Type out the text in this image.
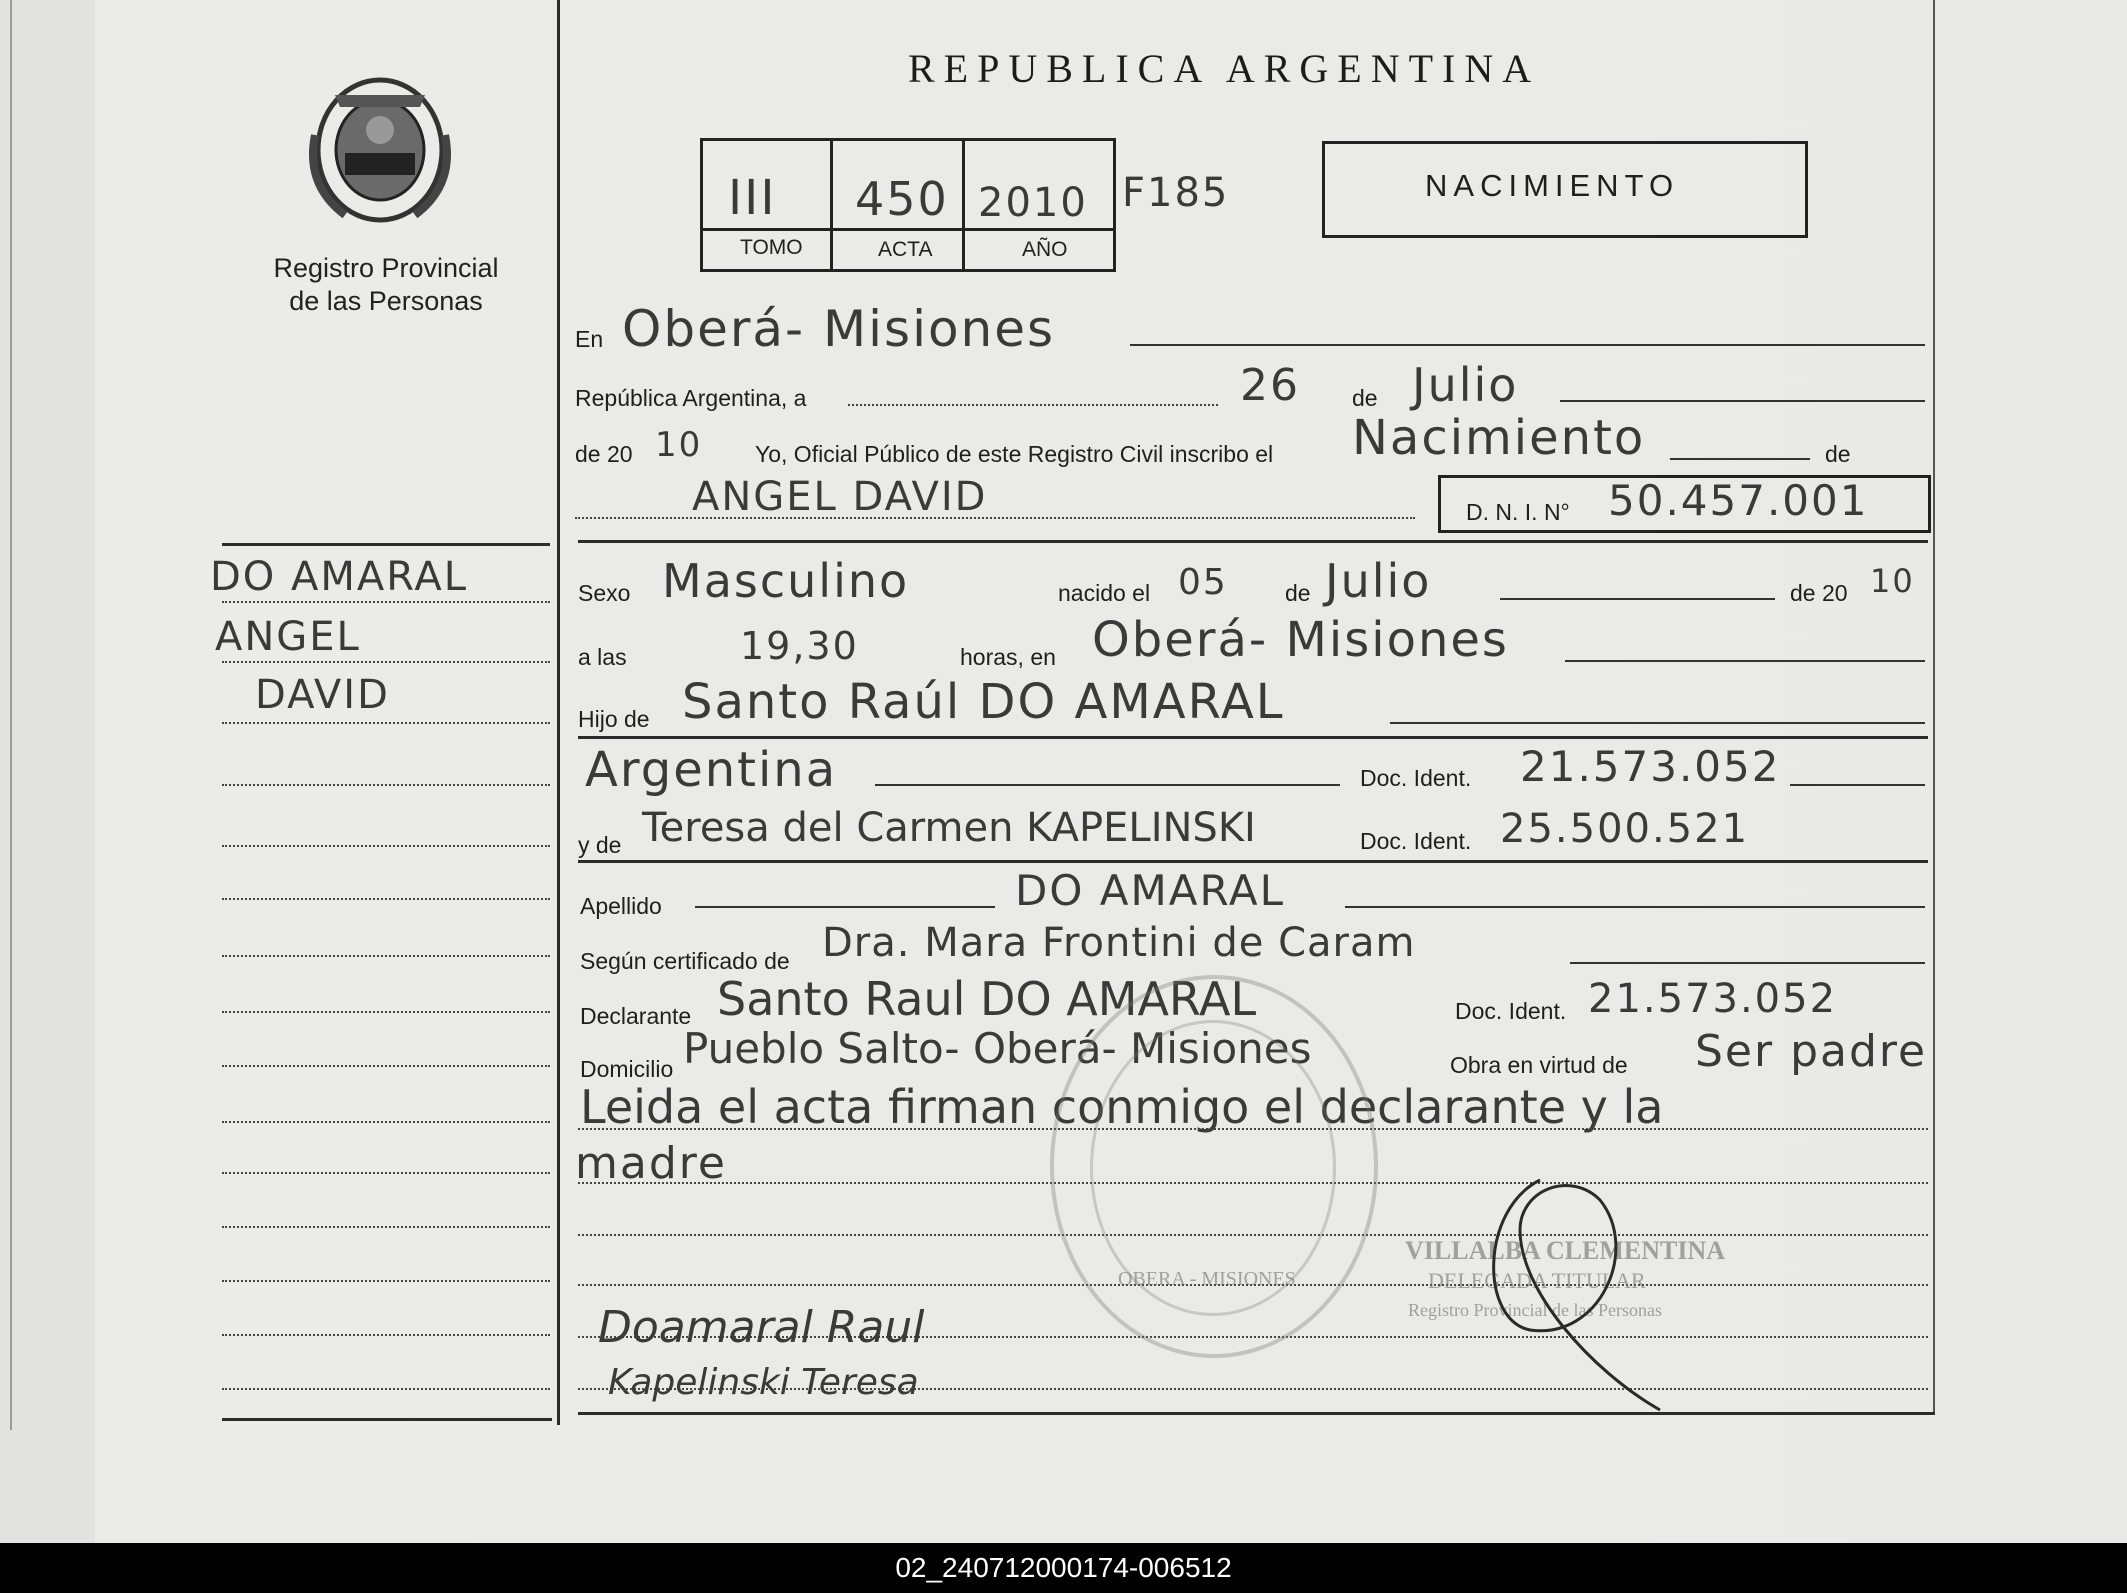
Registro Provincial
de las Personas
REPUBLICA ARGENTINA
III 450 2010
TOMO	ACTA	AÑO
F185	NACIMIENTO
En Oberá- Misiones
República Argentina, a	26 de Julio
de 20 10 Yo, Oficial Público de este Registro Civil inscribo el Nacimiento	de
ANGEL DAVID	D. N. I. N° 50.457.001
Sexo Masculino	nacido el 05 de Julio	de 20 10
a las	19,30	horas, en Oberá- Misiones
Hijo de Santo Raúl DO AMARAL
Argentina	Doc. Ident. 21.573.052
y de Teresa del Carmen KAPELINSKI	Doc. Ident. 25.500.521
Apellido	DO AMARAL
Según certificado de Dra. Mara Frontini de Caram
Declarante Santo Raul DO AMARAL	Doc. Ident. 21.573.052
Domicilio Pueblo Salto- Oberá- Misiones	Obra en virtud de Ser padre
Leida el acta firman conmigo el declarante y la
madre
OBERA - MISIONES
VILLALBA CLEMENTINA
DELEGADA TITULAR
Registro Provincial de las Personas
Doamaral Raul
Kapelinski Teresa
DO AMARAL
ANGEL
DAVID
02_240712000174-006512
